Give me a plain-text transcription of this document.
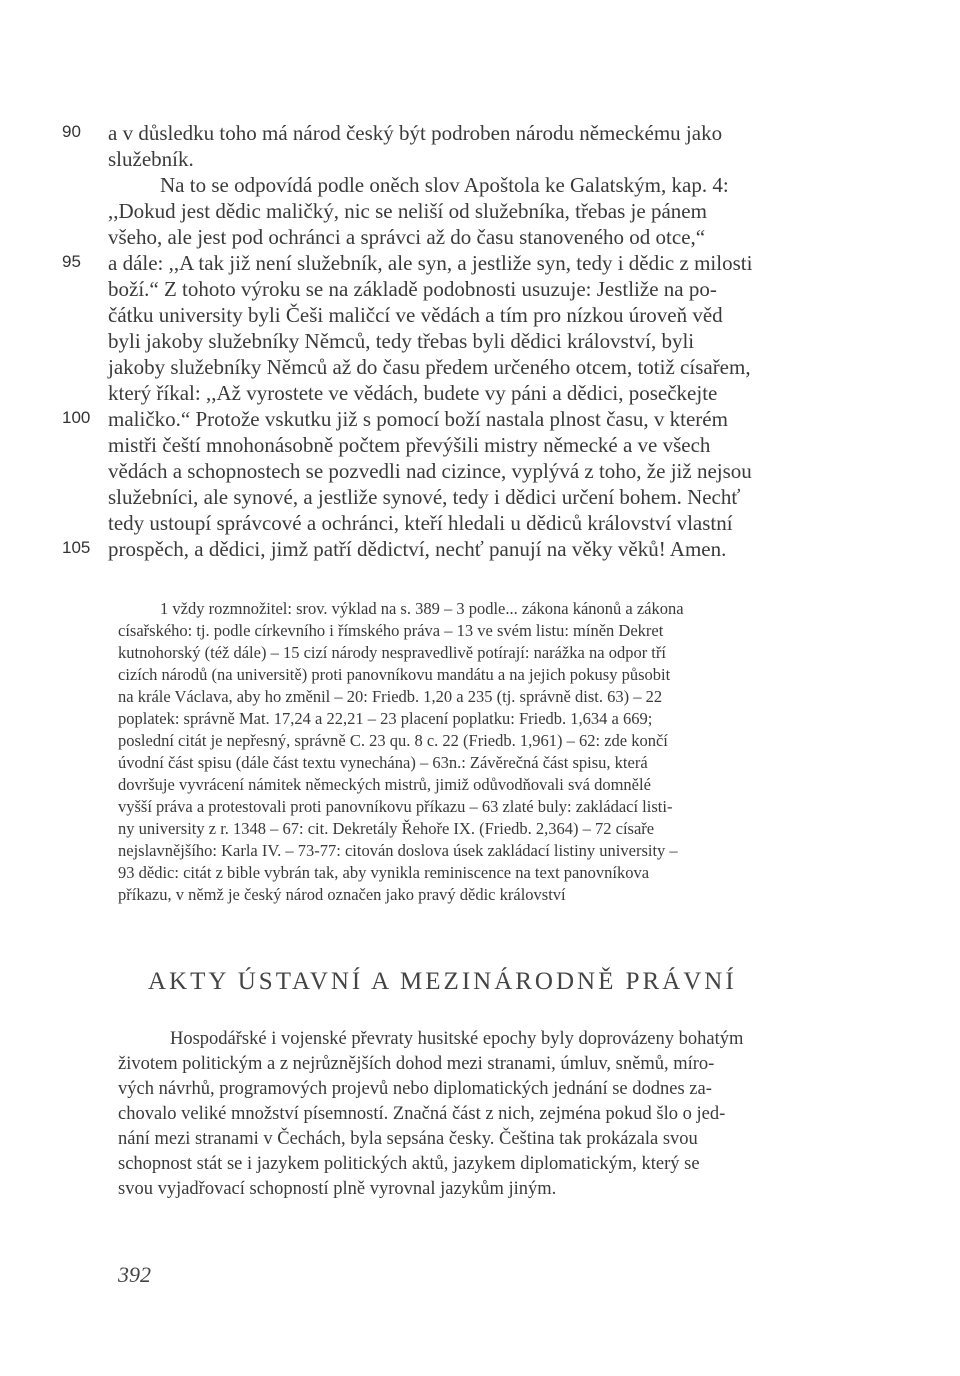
90
95
100
105
a v důsledku toho má národ český být podroben národu německému jako
služebník.
Na to se odpovídá podle oněch slov Apoštola ke Galatským, kap. 4:
,,Dokud jest dědic maličký, nic se neliší od služebníka, třebas je pánem
všeho, ale jest pod ochránci a správci až do času stanoveného od otce,“
a dále: ,,A tak již není služebník, ale syn, a jestliže syn, tedy i dědic z milosti
boží.“ Z tohoto výroku se na základě podobnosti usuzuje: Jestliže na po-
čátku university byli Češi maličcí ve vědách a tím pro nízkou úroveň věd
byli jakoby služebníky Němců, tedy třebas byli dědici království, byli
jakoby služebníky Němců až do času předem určeného otcem, totiž císařem,
který říkal: ,,Až vyrostete ve vědách, budete vy páni a dědici, posečkejte
maličko.“ Protože vskutku již s pomocí boží nastala plnost času, v kterém
mistři čeští mnohonásobně počtem převýšili mistry německé a ve všech
vědách a schopnostech se pozvedli nad cizince, vyplývá z toho, že již nejsou
služebníci, ale synové, a jestliže synové, tedy i dědici určení bohem. Nechť
tedy ustoupí správcové a ochránci, kteří hledali u dědiců království vlastní
prospěch, a dědici, jimž patří dědictví, nechť panují na věky věků! Amen.
1 vždy rozmnožitel: srov. výklad na s. 389 – 3 podle... zákona kánonů a zákona
císařského: tj. podle církevního i římského práva – 13 ve svém listu: míněn Dekret
kutnohorský (též dále) – 15 cizí národy nespravedlivě potírají: narážka na odpor tří
cizích národů (na universitě) proti panovníkovu mandátu a na jejich pokusy působit
na krále Václava, aby ho změnil – 20: Friedb. 1,20 a 235 (tj. správně dist. 63) – 22
poplatek: správně Mat. 17,24 a 22,21 – 23 placení poplatku: Friedb. 1,634 a 669;
poslední citát je nepřesný, správně C. 23 qu. 8 c. 22 (Friedb. 1,961) – 62: zde končí
úvodní část spisu (dále část textu vynechána) – 63n.: Závěrečná část spisu, která
dovršuje vyvrácení námitek německých mistrů, jimiž odůvodňovali svá domnělé
vyšší práva a protestovali proti panovníkovu příkazu – 63 zlaté buly: zakládací listi-
ny university z r. 1348 – 67: cit. Dekretály Řehoře IX. (Friedb. 2,364) – 72 císaře
nejslavnějšího: Karla IV. – 73-77: citován doslova úsek zakládací listiny university –
93 dědic: citát z bible vybrán tak, aby vynikla reminiscence na text panovníkova
příkazu, v němž je český národ označen jako pravý dědic království
AKTY ÚSTAVNÍ A MEZINÁRODNĚ PRÁVNÍ
Hospodářské i vojenské převraty husitské epochy byly doprovázeny bohatým
životem politickým a z nejrůznějších dohod mezi stranami, úmluv, sněmů, míro-
vých návrhů, programových projevů nebo diplomatických jednání se dodnes za-
chovalo veliké množství písemností. Značná část z nich, zejména pokud šlo o jed-
nání mezi stranami v Čechách, byla sepsána česky. Čeština tak prokázala svou
schopnost stát se i jazykem politických aktů, jazykem diplomatickým, který se
svou vyjadřovací schopností plně vyrovnal jazykům jiným.
392
